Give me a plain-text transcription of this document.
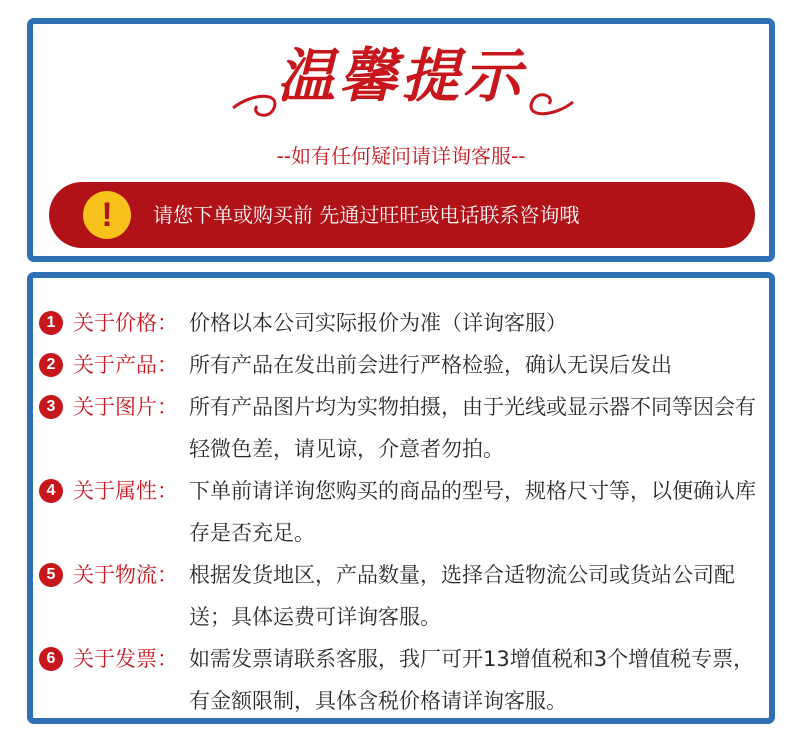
温馨提示
--如有任何疑问请详询客服--
!	请您下单或购买前 先通过旺旺或电话联系咨询哦
1 关于价格： 价格以本公司实际报价为准（详询客服）
2 关于产品： 所有产品在发出前会进行严格检验，确认无误后发出
3 关于图片： 所有产品图片均为实物拍摄，由于光线或显示器不同等因会有轻微色差，请见谅，介意者勿拍。
4 关于属性： 下单前请详询您购买的商品的型号，规格尺寸等，以便确认库存是否充足。
5 关于物流： 根据发货地区，产品数量，选择合适物流公司或货站公司配送；具体运费可详询客服。
6 关于发票： 如需发票请联系客服，我厂可开13增值税和3个增值税专票，有金额限制，具体含税价格请详询客服。
